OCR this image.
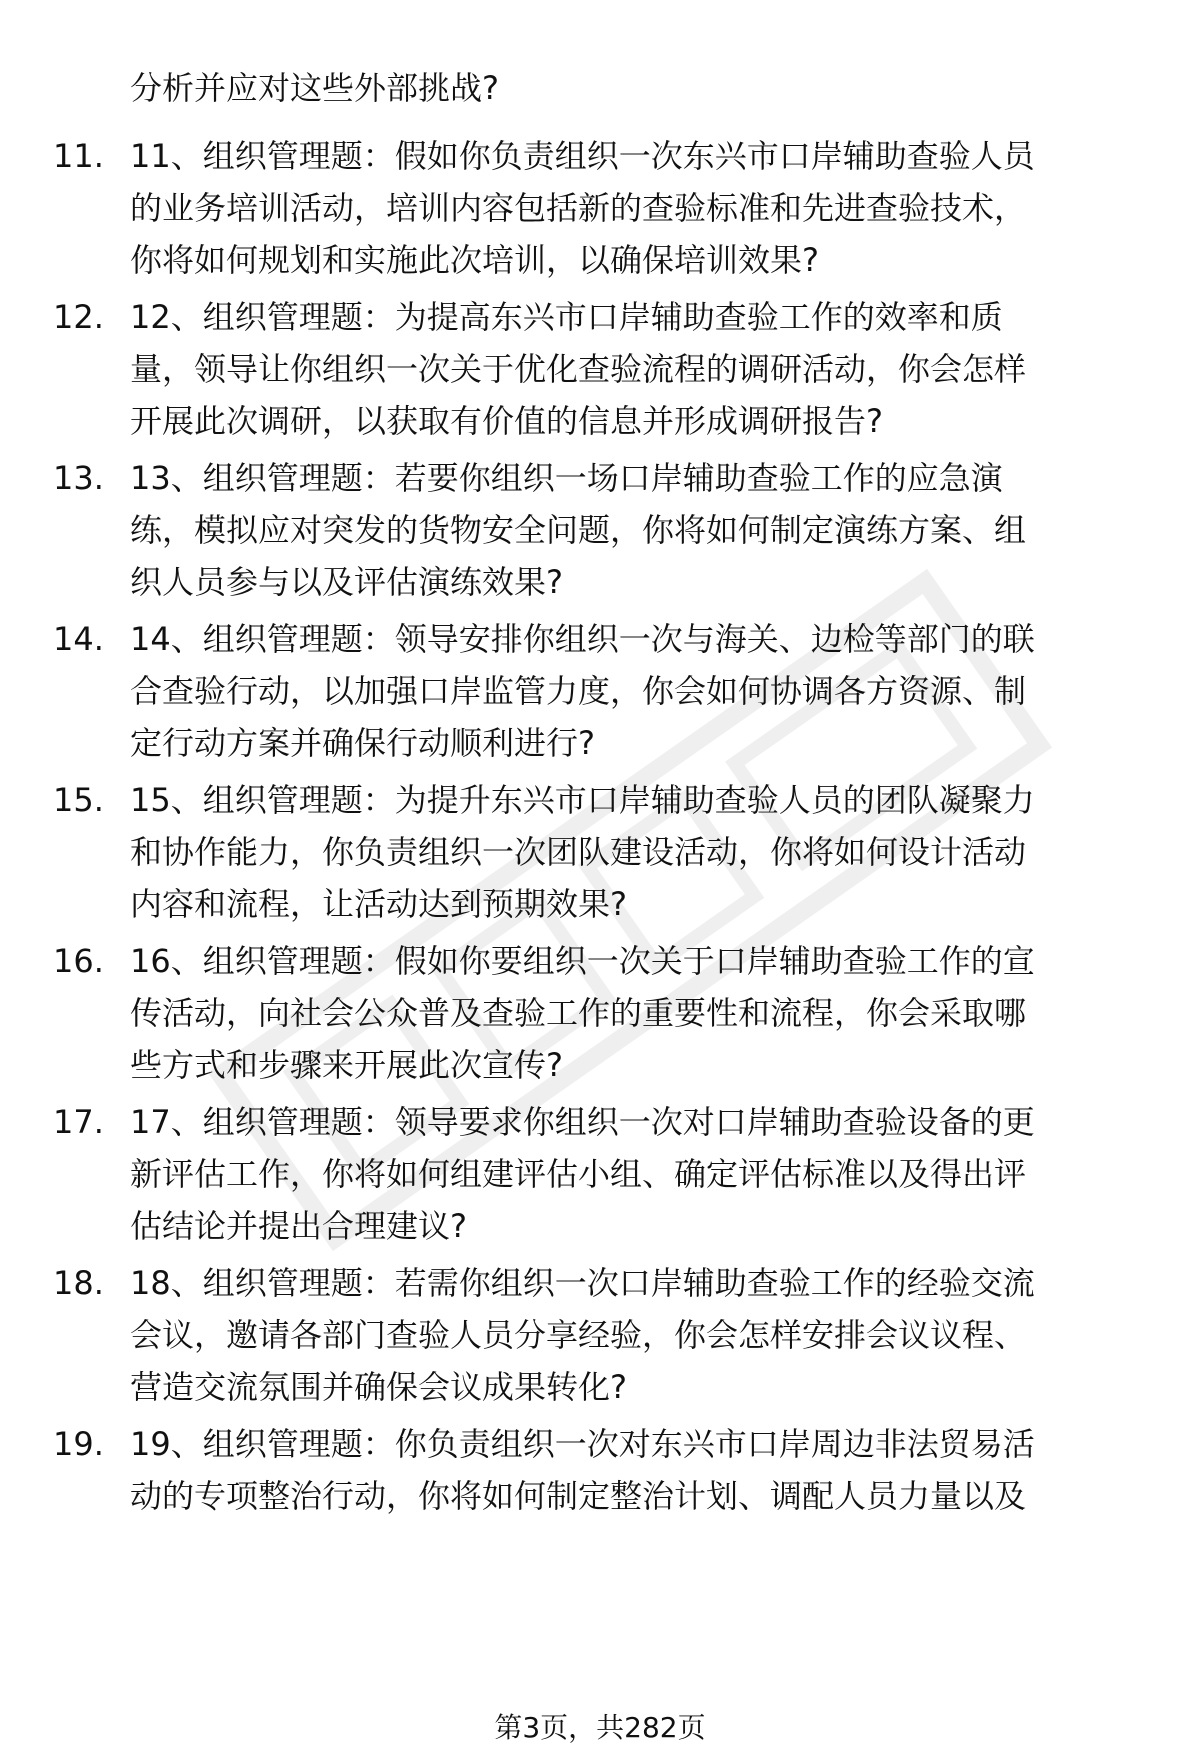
分析并应对这些外部挑战?
11. 11、组织管理题：假如你负责组织一次东兴市口岸辅助查验人员
的业务培训活动，培训内容包括新的查验标准和先进查验技术，
你将如何规划和实施此次培训，以确保培训效果?
12. 12、组织管理题：为提高东兴市口岸辅助查验工作的效率和质
量，领导让你组织一次关于优化查验流程的调研活动，你会怎样
开展此次调研，以获取有价值的信息并形成调研报告?
13. 13、组织管理题：若要你组织一场口岸辅助查验工作的应急演
练，模拟应对突发的货物安全问题，你将如何制定演练方案、组
织人员参与以及评估演练效果?
14. 14、组织管理题：领导安排你组织一次与海关、边检等部门的联
合查验行动，以加强口岸监管力度，你会如何协调各方资源、制
定行动方案并确保行动顺利进行?
15. 15、组织管理题：为提升东兴市口岸辅助查验人员的团队凝聚力
和协作能力，你负责组织一次团队建设活动，你将如何设计活动
内容和流程，让活动达到预期效果?
16. 16、组织管理题：假如你要组织一次关于口岸辅助查验工作的宣
传活动，向社会公众普及查验工作的重要性和流程，你会采取哪
些方式和步骤来开展此次宣传?
17. 17、组织管理题：领导要求你组织一次对口岸辅助查验设备的更
新评估工作，你将如何组建评估小组、确定评估标准以及得出评
估结论并提出合理建议?
18. 18、组织管理题：若需你组织一次口岸辅助查验工作的经验交流
会议，邀请各部门查验人员分享经验，你会怎样安排会议议程、
营造交流氛围并确保会议成果转化?
19. 19、组织管理题：你负责组织一次对东兴市口岸周边非法贸易活
动的专项整治行动，你将如何制定整治计划、调配人员力量以及
第3页，共282页
